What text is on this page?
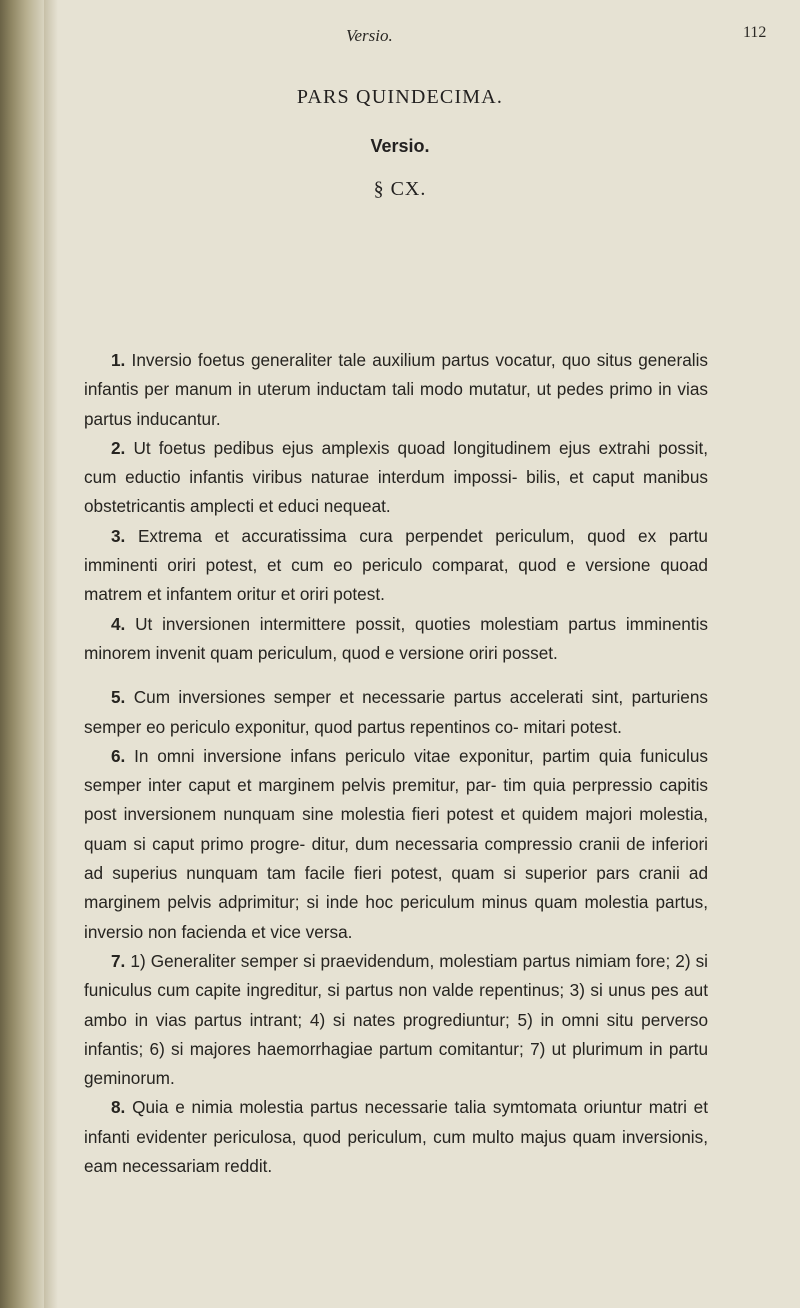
Versio.	112
PARS QUINDECIMA.
Versio.
§ CX.

1. Inversio foetus generaliter tale auxilium partus vocatur, quo situs generalis infantis per manum in uterum inductam tali modo mutatur, ut pedes primo in vias partus inducantur.

2. Ut foetus pedibus ejus amplexis quoad longitudinem ejus extrahi possit, cum eductio infantis viribus naturae interdum impossi- bilis, et caput manibus obstetricantis amplecti et educi nequeat.

3. Extrema et accuratissima cura perpendet periculum, quod ex partu imminenti oriri potest, et cum eo periculo comparat, quod e versione quoad matrem et infantem oritur et oriri potest.

4. Ut inversionen intermittere possit, quoties molestiam partus imminentis minorem invenit quam periculum, quod e versione oriri posset.

5. Cum inversiones semper et necessarie partus accelerati sint, parturiens semper eo periculo exponitur, quod partus repentinos co- mitari potest.

6. In omni inversione infans periculo vitae exponitur, partim quia funiculus semper inter caput et marginem pelvis premitur, par- tim quia perpressio capitis post inversionem nunquam sine molestia fieri potest et quidem majori molestia, quam si caput primo progre- ditur, dum necessaria compressio cranii de inferiori ad superius nunquam tam facile fieri potest, quam si superior pars cranii ad marginem pelvis adprimitur; si inde hoc periculum minus quam molestia partus, inversio non facienda et vice versa.

7. 1) Generaliter semper si praevidendum, molestiam partus nimiam fore; 2) si funiculus cum capite ingreditur, si partus non valde repentinus; 3) si unus pes aut ambo in vias partus intrant; 4) si nates progrediuntur; 5) in omni situ perverso infantis; 6) si majores haemorrhagiae partum comitantur; 7) ut plurimum in partu geminorum.

8. Quia e nimia molestia partus necessarie talia symtomata oriuntur matri et infanti evidenter periculosa, quod periculum, cum multo majus quam inversionis, eam necessariam reddit.
